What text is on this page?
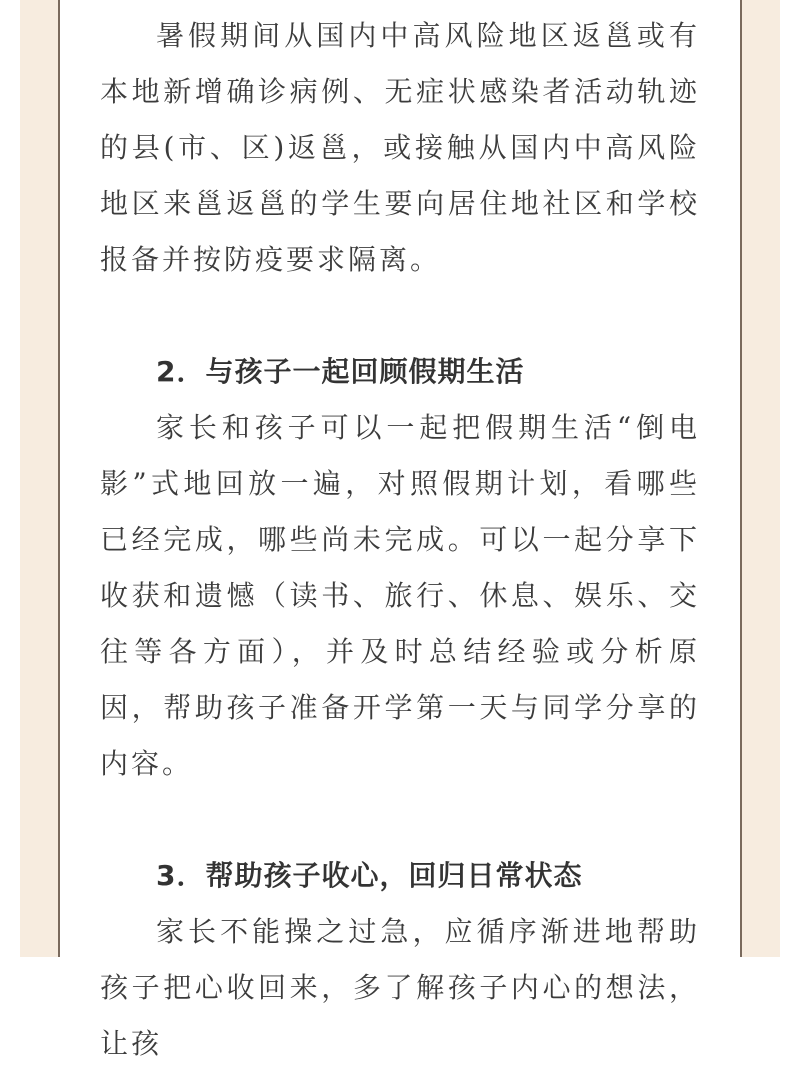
暑假期间从国内中高风险地区返邕或有本地新增确诊病例、无症状感染者活动轨迹的县(市、区)返邕，或接触从国内中高风险地区来邕返邕的学生要向居住地社区和学校报备并按防疫要求隔离。

2．与孩子一起回顾假期生活

家长和孩子可以一起把假期生活“倒电影”式地回放一遍，对照假期计划，看哪些已经完成，哪些尚未完成。可以一起分享下收获和遗憾（读书、旅行、休息、娱乐、交往等各方面），并及时总结经验或分析原因，帮助孩子准备开学第一天与同学分享的内容。

3．帮助孩子收心，回归日常状态

家长不能操之过急，应循序渐进地帮助孩子把心收回来，多了解孩子内心的想法，让孩
